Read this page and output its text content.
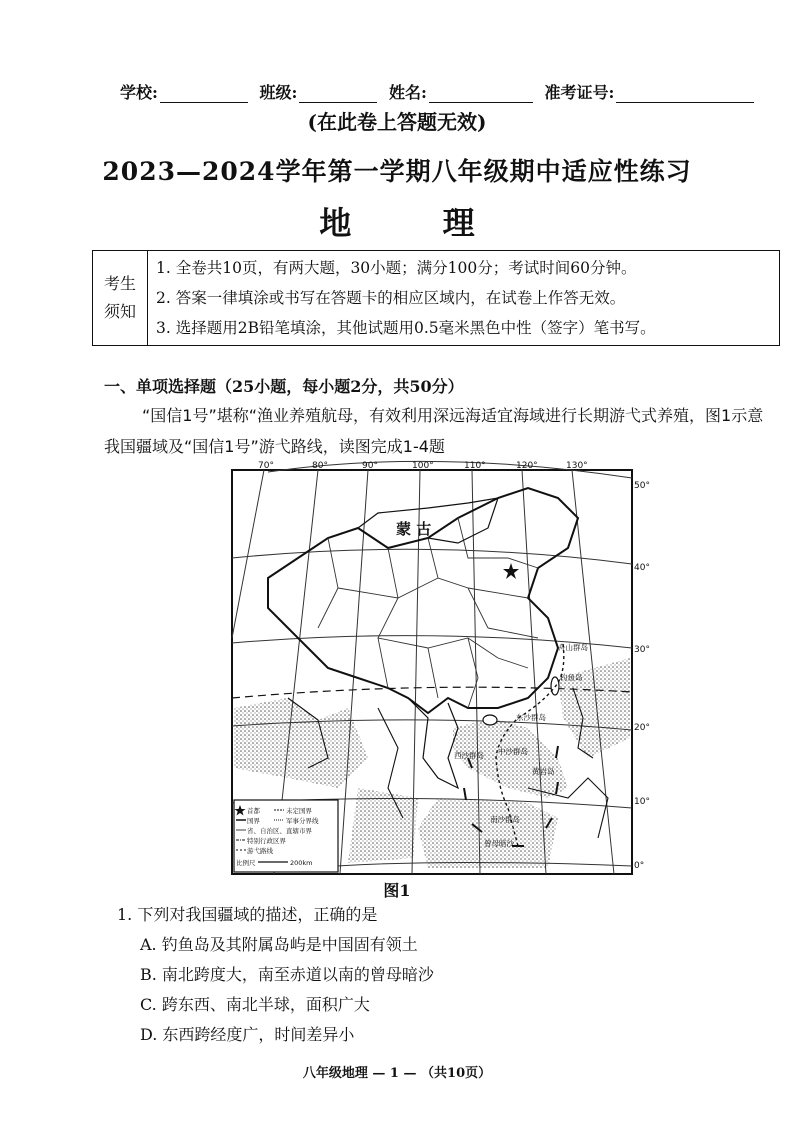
学校:	班级:	姓名:	准考证号:
(在此卷上答题无效)
2023—2024学年第一学期八年级期中适应性练习
地 理
考生
须知

1. 全卷共10页，有两大题，30小题；满分100分；考试时间60分钟。
2. 答案一律填涂或书写在答题卡的相应区域内，在试卷上作答无效。
3. 选择题用2B铅笔填涂，其他试题用0.5毫米黑色中性（签字）笔书写。
一、单项选择题（25小题，每小题2分，共50分）
“国信1号”堪称“渔业养殖航母，有效利用深远海适宜海域进行长期游弋式养殖，图1示意我国疆域及“国信1号”游弋路线，读图完成1-4题
70°	80°	90°	100°	110°	120°	130°
50°
40°
30°
20°
10°
0°
蒙 古
舟山群岛
钓鱼岛
东沙群岛
西沙群岛 中沙群岛
黄岩岛
南沙群岛
曾母暗沙
首都	未定国界
国界	军事分界线
省、自治区、直辖市界
特别行政区界
游弋路线
比例尺	200km
图1
1. 下列对我国疆域的描述，正确的是
A. 钓鱼岛及其附属岛屿是中国固有领土
B. 南北跨度大，南至赤道以南的曾母暗沙
C. 跨东西、南北半球，面积广大
D. 东西跨经度广，时间差异小
八年级地理 — 1 — （共10页）
